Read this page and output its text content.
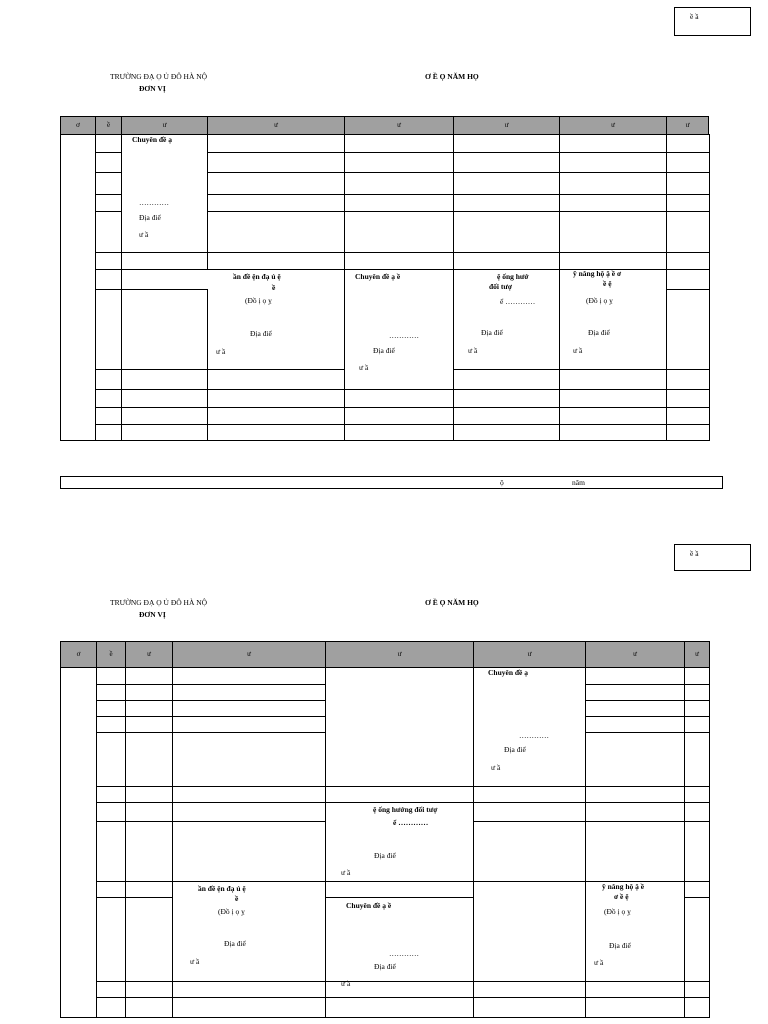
ề ầ
TRƯỜNG ĐẠ Ọ Ủ ĐÔ HÀ NỘ
ĐƠN VỊ
Ơ Ề Ọ NĂM HỌ
ơ	ề	ư	ư	ư	ư	ư	ư
Chuyên đề ạ
…………
Địa điể
ư ầ
ần đề ện đạ ủ ệ
ề
(Đồ ị ọ ỵ
Địa điể
ư ầ
Chuyên đề ạ ề
…………
Địa điể
ư ầ
ệ ống hướ
đối tượ
ể …………
Địa điể
ư ầ
ỹ năng hộ ậ ề ơ
ề ệ
(Đồ ị ọ ỵ
Địa điể
ư ầ
ộ	năm
ề ầ
TRƯỜNG ĐẠ Ọ Ủ ĐÔ HÀ NỘ
ĐƠN VỊ
Ơ Ề Ọ NĂM HỌ
ơ	ề	ư	ư	ư	ư	ư	ư
Chuyên đề ạ
…………
Địa điể
ư ầ
ệ ống hướng đối tượ
ể …………
Địa điể
ư ầ
ần đề ện đạ ủ ệ
ề
(Đồ ị ọ ỵ
Địa điể
ư ầ
Chuyên đề ạ ề
…………
Địa điể
ư ầ
ỹ năng hộ ậ ề
ơ ề ệ
(Đồ ị ọ ỵ
Địa điể
ư ầ
